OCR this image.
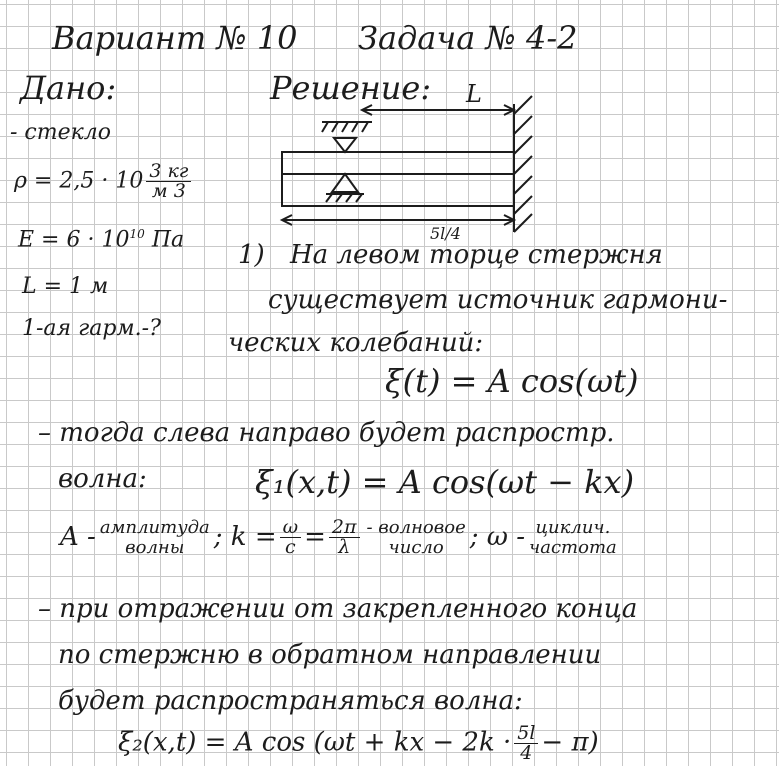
Вариант № 10 Задача № 4-2
Дано:
- стекло
$\rho = 2,5 \cdot 10 \frac{3 кг}{м 3}$
$E = 6 \cdot 10^{10}$ Па
L = 1 м
1-ая гарм.-?
Решение: L
5l/4
1) На левом торце стержня
существует источник гармони-
ческих колебаний:
ξ(t) = A cos(ωt)
– тогда слева направо будет распростр.
волна:	ξ₁(x,t) = A cos(ωt − kx)
A - амплитуда
волны	; $k = \frac{\omega}{c} = \frac{2\pi}{\lambda}$ - волновое
число	; ω - циклич.
частота
– при отражении от закрепленного конца
по стержню в обратном направлении
будет распространяться волна:
ξ₂(x,t) = A cos (ωt + kx − $2k \cdot \frac{5l}{4} - \pi$)
